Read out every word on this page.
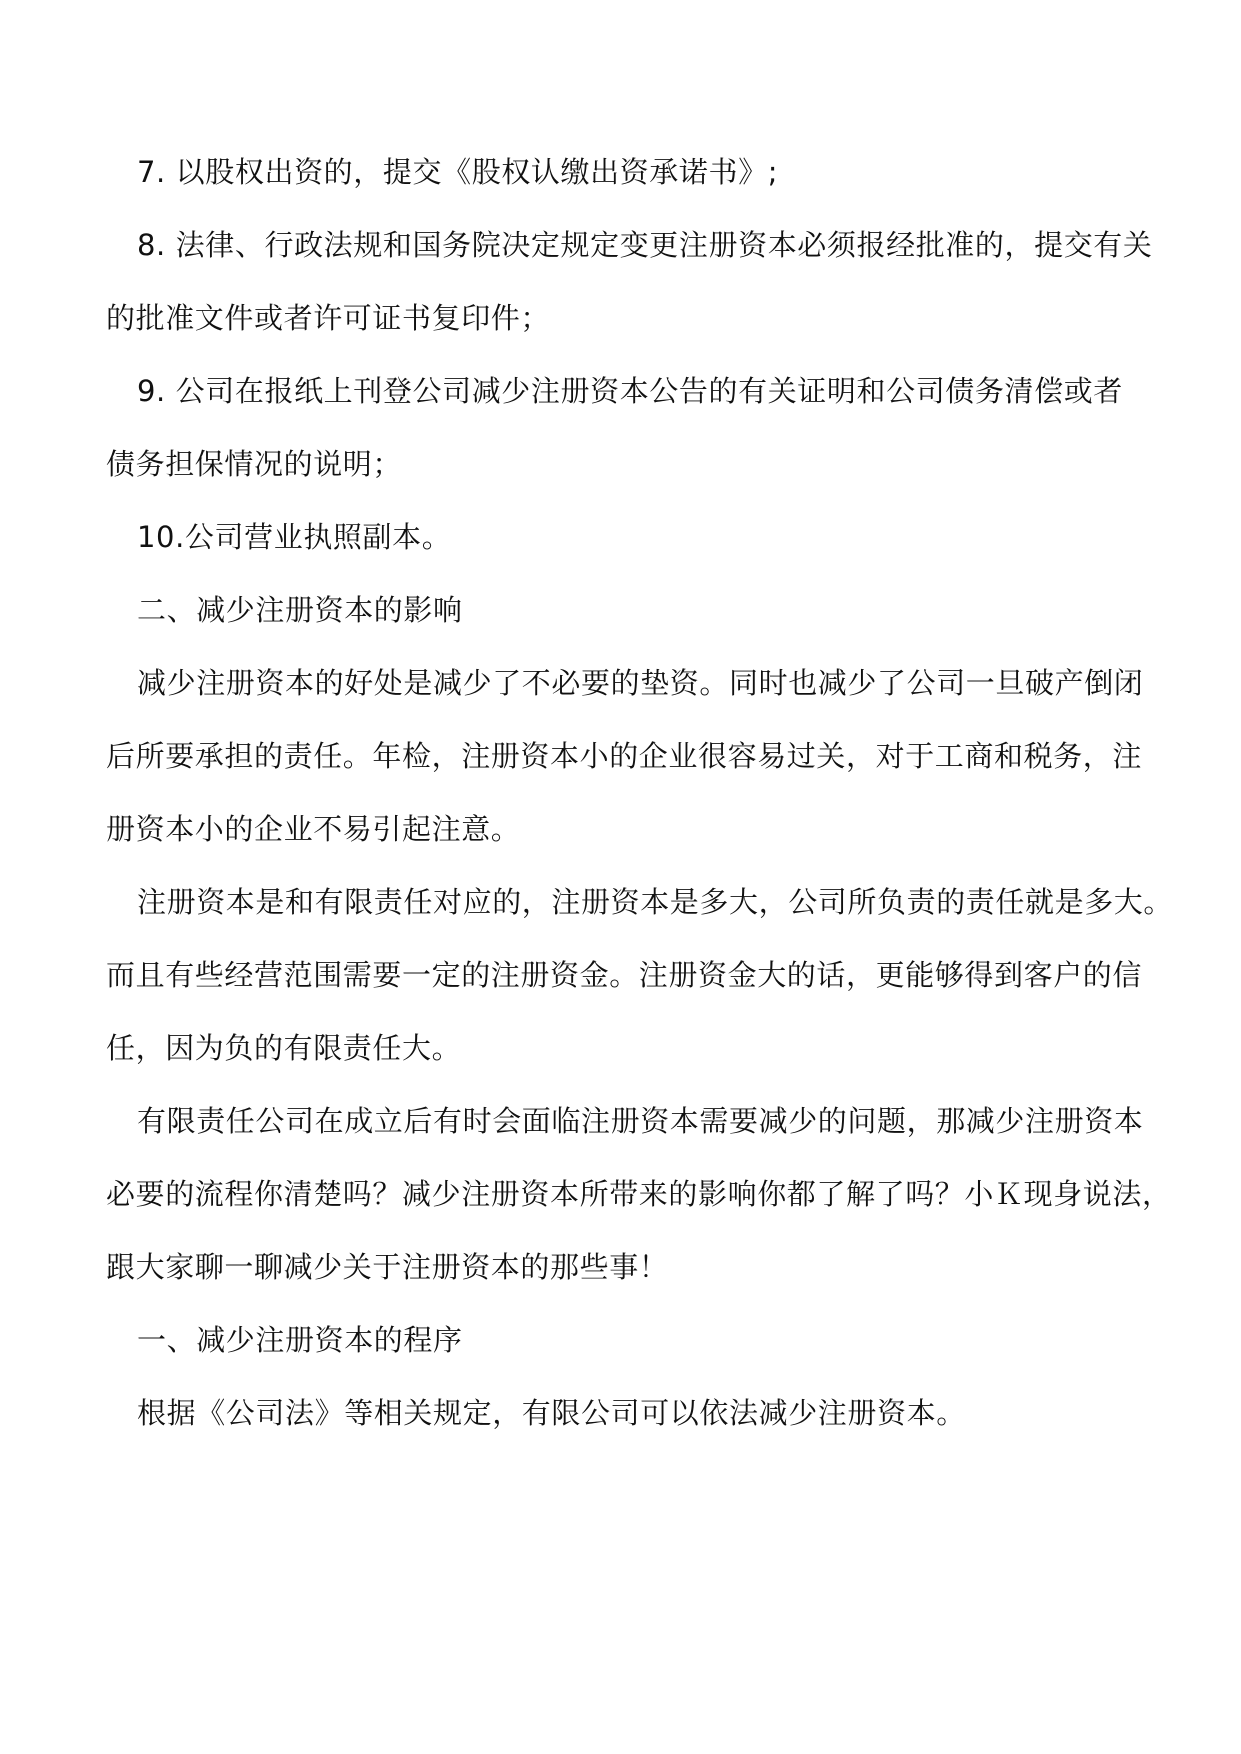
7. 以股权出资的，提交《股权认缴出资承诺书》;
8. 法律、行政法规和国务院决定规定变更注册资本必须报经批准的，提交有关
的批准文件或者许可证书复印件；
9. 公司在报纸上刊登公司减少注册资本公告的有关证明和公司债务清偿或者
债务担保情况的说明；
10.公司营业执照副本。
二、减少注册资本的影响
减少注册资本的好处是减少了不必要的垫资。同时也减少了公司一旦破产倒闭
后所要承担的责任。年检，注册资本小的企业很容易过关，对于工商和税务，注
册资本小的企业不易引起注意。
注册资本是和有限责任对应的，注册资本是多大，公司所负责的责任就是多大。
而且有些经营范围需要一定的注册资金。注册资金大的话，更能够得到客户的信
任，因为负的有限责任大。
有限责任公司在成立后有时会面临注册资本需要减少的问题，那减少注册资本
必要的流程你清楚吗？减少注册资本所带来的影响你都了解了吗？小Ｋ现身说法，
跟大家聊一聊减少关于注册资本的那些事！
一、减少注册资本的程序
根据《公司法》等相关规定，有限公司可以依法减少注册资本。
